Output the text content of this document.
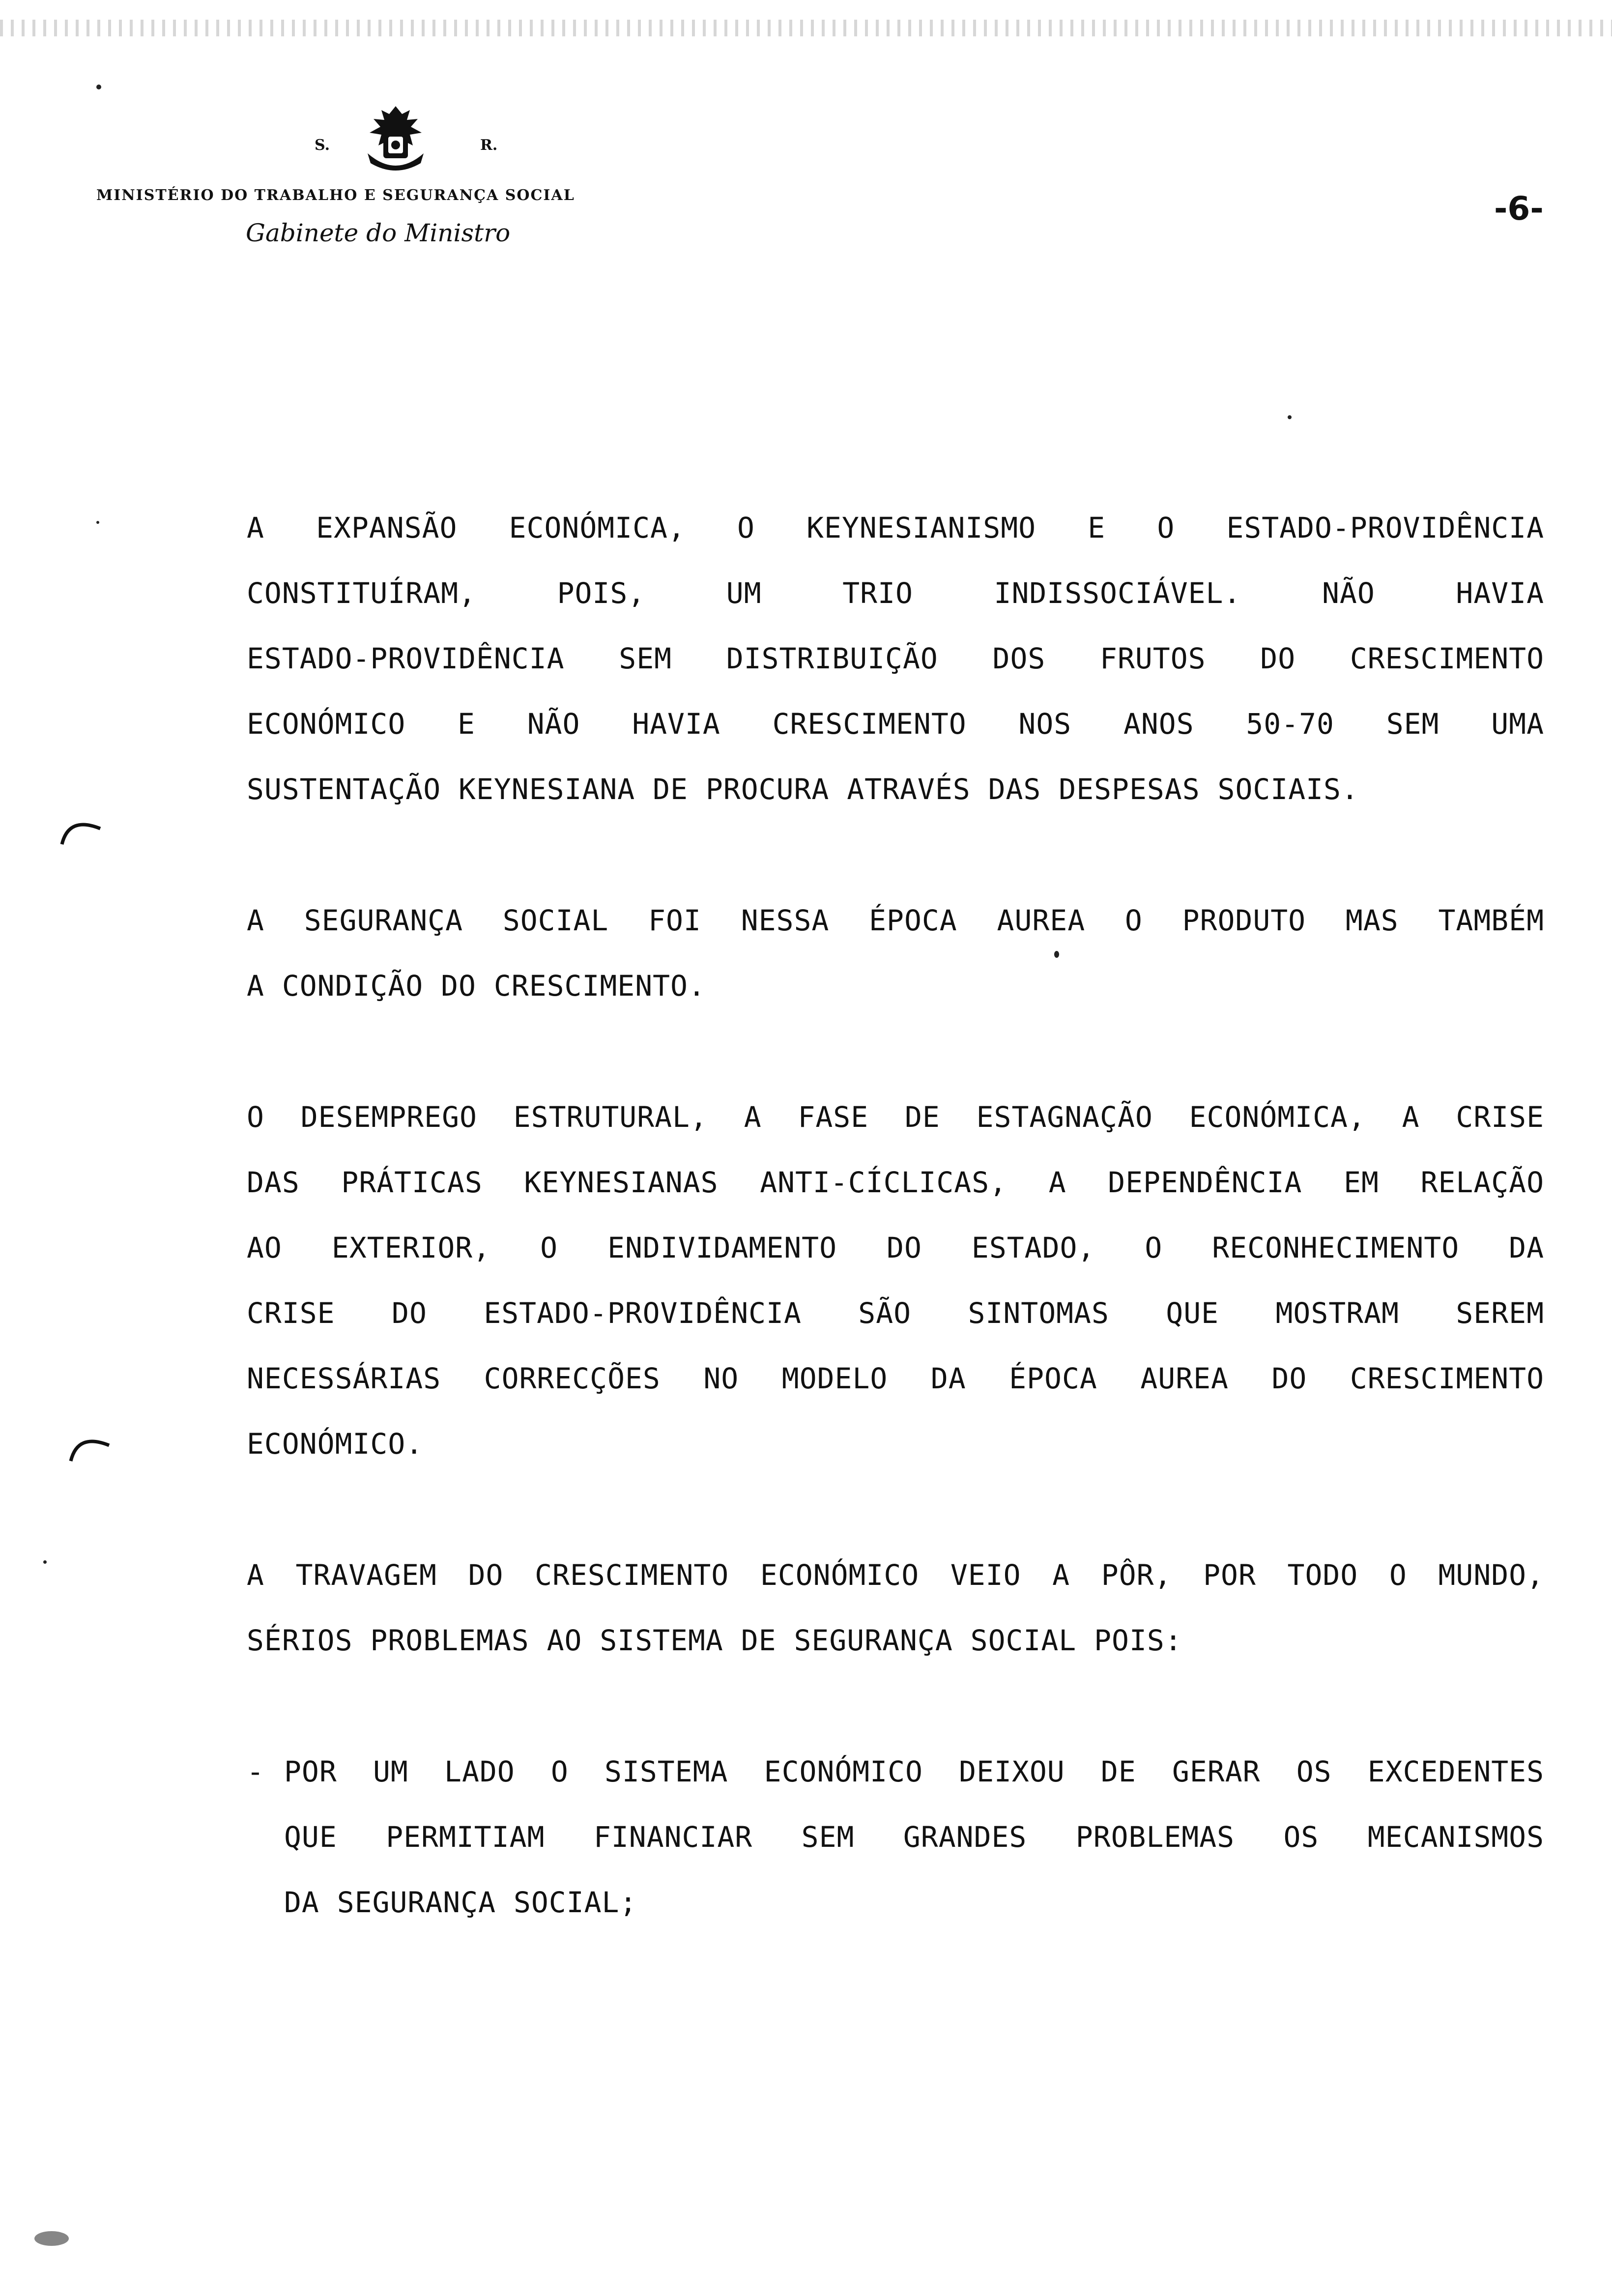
S.	R.
MINISTÉRIO DO TRABALHO E SEGURANÇA SOCIAL
Gabinete do Ministro
-6-
A EXPANSÃO ECONÓMICA, O KEYNESIANISMO E O ESTADO-PROVIDÊNCIA
CONSTITUÍRAM, POIS, UM TRIO INDISSOCIÁVEL. NÃO HAVIA
ESTADO-PROVIDÊNCIA SEM DISTRIBUIÇÃO DOS FRUTOS DO CRESCIMENTO
ECONÓMICO E NÃO HAVIA CRESCIMENTO NOS ANOS 50-70 SEM UMA
SUSTENTAÇÃO KEYNESIANA DE PROCURA ATRAVÉS DAS DESPESAS SOCIAIS.
A SEGURANÇA SOCIAL FOI NESSA ÉPOCA AUREA O PRODUTO MAS TAMBÉM
A CONDIÇÃO DO CRESCIMENTO.
O DESEMPREGO ESTRUTURAL, A FASE DE ESTAGNAÇÃO ECONÓMICA, A CRISE
DAS PRÁTICAS KEYNESIANAS ANTI-CÍCLICAS, A DEPENDÊNCIA EM RELAÇÃO
AO EXTERIOR, O ENDIVIDAMENTO DO ESTADO, O RECONHECIMENTO DA
CRISE DO ESTADO-PROVIDÊNCIA SÃO SINTOMAS QUE MOSTRAM SEREM
NECESSÁRIAS CORRECÇÕES NO MODELO DA ÉPOCA AUREA DO CRESCIMENTO
ECONÓMICO.
A TRAVAGEM DO CRESCIMENTO ECONÓMICO VEIO A PÔR, POR TODO O MUNDO,
SÉRIOS PROBLEMAS AO SISTEMA DE SEGURANÇA SOCIAL POIS:
- POR UM LADO O SISTEMA ECONÓMICO DEIXOU DE GERAR OS EXCEDENTES
QUE PERMITIAM FINANCIAR SEM GRANDES PROBLEMAS OS MECANISMOS
DA SEGURANÇA SOCIAL;
